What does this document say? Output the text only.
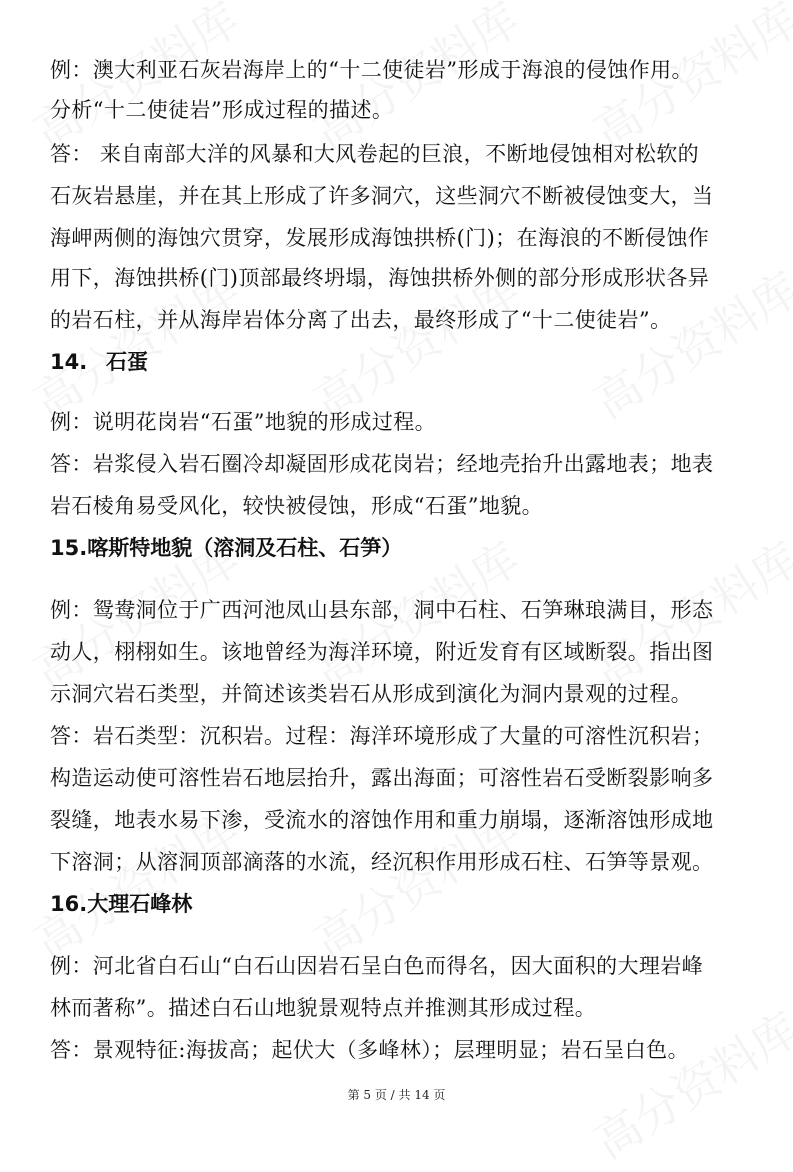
例：澳大利亚石灰岩海岸上的“十二使徒岩”形成于海浪的侵蚀作用。
分析“十二使徒岩”形成过程的描述。
答： 来自南部大洋的风暴和大风卷起的巨浪，不断地侵蚀相对松软的
石灰岩悬崖，并在其上形成了许多洞穴，这些洞穴不断被侵蚀变大，当
海岬两侧的海蚀穴贯穿，发展形成海蚀拱桥(门)；在海浪的不断侵蚀作
用下，海蚀拱桥(门)顶部最终坍塌，海蚀拱桥外侧的部分形成形状各异
的岩石柱，并从海岸岩体分离了出去，最终形成了“十二使徒岩”。
14. 石蛋
例：说明花岗岩“石蛋”地貌的形成过程。
答：岩浆侵入岩石圈冷却凝固形成花岗岩；经地壳抬升出露地表；地表
岩石棱角易受风化，较快被侵蚀，形成“石蛋”地貌。
15.喀斯特地貌（溶洞及石柱、石笋）
例：鸳鸯洞位于广西河池凤山县东部，洞中石柱、石笋琳琅满目，形态
动人，栩栩如生。该地曾经为海洋环境，附近发育有区域断裂。指出图
示洞穴岩石类型，并简述该类岩石从形成到演化为洞内景观的过程。
答：岩石类型：沉积岩。过程：海洋环境形成了大量的可溶性沉积岩；
构造运动使可溶性岩石地层抬升，露出海面；可溶性岩石受断裂影响多
裂缝，地表水易下渗，受流水的溶蚀作用和重力崩塌，逐渐溶蚀形成地
下溶洞；从溶洞顶部滴落的水流，经沉积作用形成石柱、石笋等景观。
16.大理石峰林
例：河北省白石山“白石山因岩石呈白色而得名，因大面积的大理岩峰
林而著称”。描述白石山地貌景观特点并推测其形成过程。
答：景观特征:海拔高；起伏大（多峰林）；层理明显；岩石呈白色。
第 5 页 / 共 14 页
